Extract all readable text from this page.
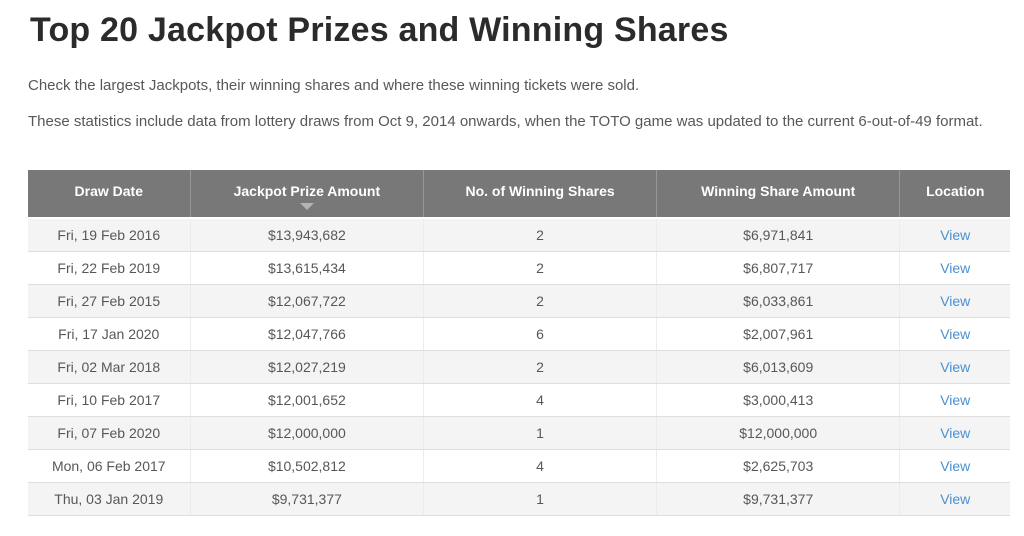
Top 20 Jackpot Prizes and Winning Shares

Check the largest Jackpots, their winning shares and where these winning tickets were sold.

These statistics include data from lottery draws from Oct 9, 2014 onwards, when the TOTO game was updated to the current 6-out-of-49 format.

Draw Date	Jackpot Prize Amount	No. of Winning Shares	Winning Share Amount	Location

Fri, 19 Feb 2016	$13,943,682	2	$6,971,841	View
Fri, 22 Feb 2019	$13,615,434	2	$6,807,717	View
Fri, 27 Feb 2015	$12,067,722	2	$6,033,861	View
Fri, 17 Jan 2020	$12,047,766	6	$2,007,961	View
Fri, 02 Mar 2018	$12,027,219	2	$6,013,609	View
Fri, 10 Feb 2017	$12,001,652	4	$3,000,413	View
Fri, 07 Feb 2020	$12,000,000	1	$12,000,000	View
Mon, 06 Feb 2017	$10,502,812	4	$2,625,703	View
Thu, 03 Jan 2019	$9,731,377	1	$9,731,377	View
